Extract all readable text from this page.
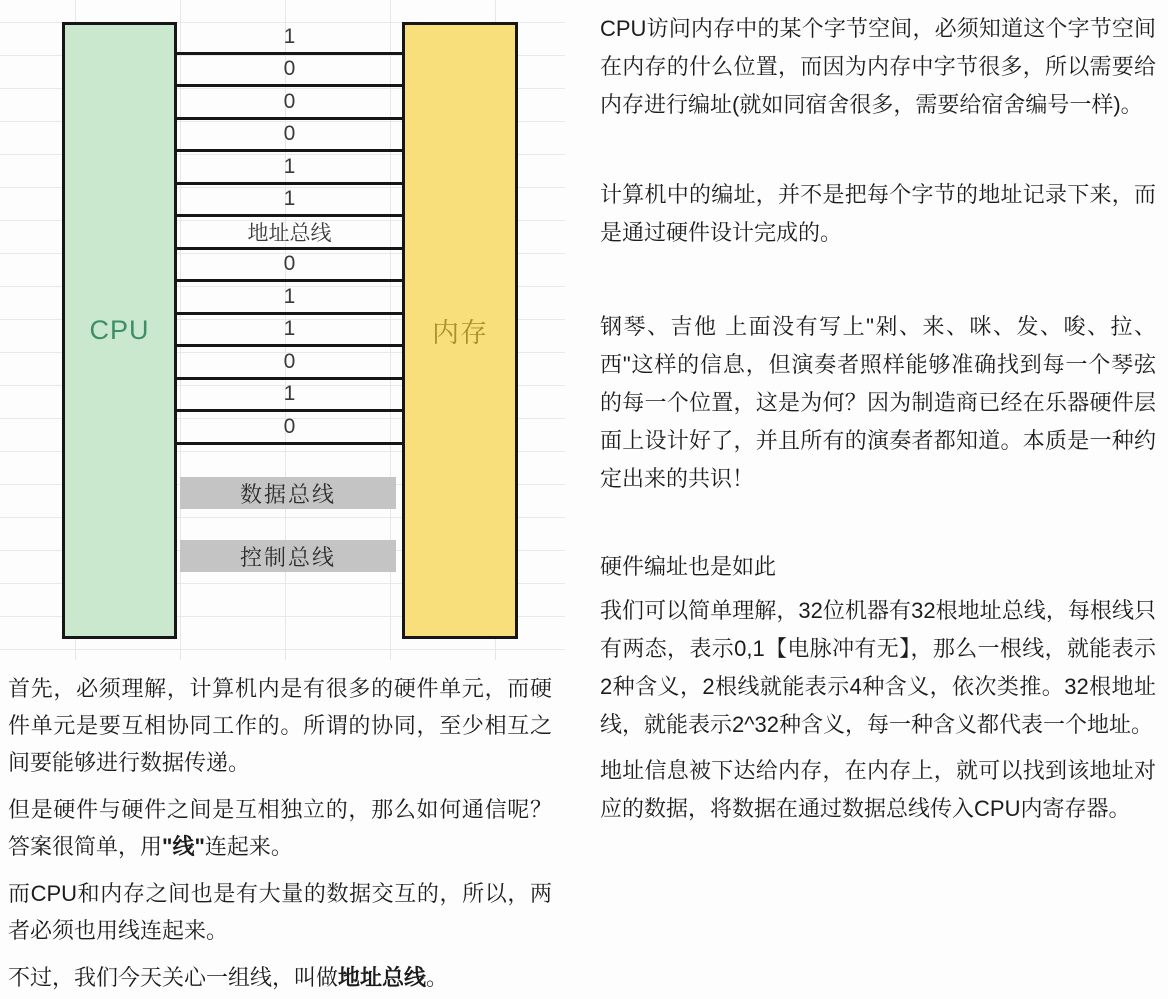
CPU
1
0
0
0
1
1
地址总线
0
1
1
0
1
0
数据总线
控制总线
内存

首先，必须理解，计算机内是有很多的硬件单元，而硬件单元是要互相协同工作的。所谓的协同，至少相互之间要能够进行数据传递。

但是硬件与硬件之间是互相独立的，那么如何通信呢？答案很简单，用"线"连起来。

而CPU和内存之间也是有大量的数据交互的，所以，两者必须也用线连起来。

不过，我们今天关心一组线，叫做地址总线。

CPU访问内存中的某个字节空间，必须知道这个字节空间在内存的什么位置，而因为内存中字节很多，所以需要给内存进行编址(就如同宿舍很多，需要给宿舍编号一样)。

计算机中的编址，并不是把每个字节的地址记录下来，而是通过硬件设计完成的。

钢琴、吉他 上面没有写上"剁、来、咪、发、唆、拉、西"这样的信息，但演奏者照样能够准确找到每一个琴弦的每一个位置，这是为何？因为制造商已经在乐器硬件层面上设计好了，并且所有的演奏者都知道。本质是一种约定出来的共识！

硬件编址也是如此

我们可以简单理解，32位机器有32根地址总线，每根线只有两态，表示0,1【电脉冲有无】，那么一根线，就能表示2种含义，2根线就能表示4种含义，依次类推。32根地址线，就能表示2^32种含义，每一种含义都代表一个地址。

地址信息被下达给内存，在内存上，就可以找到该地址对应的数据，将数据在通过数据总线传入CPU内寄存器。
